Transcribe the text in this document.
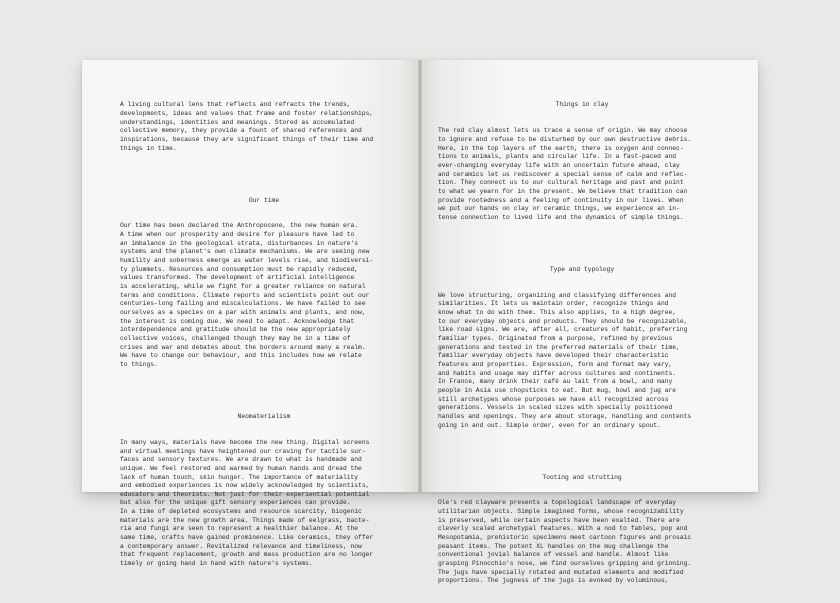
A living cultural lens that reflects and refracts the trends,
developments, ideas and values that frame and foster relationships,
understandings, identities and meanings. Stored as accumulated
collective memory, they provide a fount of shared references and
inspirations, because they are significant things of their time and
things in time.

Our time

Our time has been declared the Anthropocene, the new human era.
A time when our prosperity and desire for pleasure have led to
an imbalance in the geological strata, disturbances in nature's
systems and the planet's own climate mechanisms. We are seeing new
humility and soberness emerge as water levels rise, and biodiversi-
ty plummets. Resources and consumption must be rapidly reduced,
values transformed. The development of artificial intelligence
is accelerating, while we fight for a greater reliance on natural
terms and conditions. Climate reports and scientists point out our
centuries-long failing and miscalculations. We have failed to see
ourselves as a species on a par with animals and plants, and now,
the interest is coming due. We need to adapt. Acknowledge that
interdependence and gratitude should be the new appropriately
collective voices, challenged though they may be in a time of
crises and war and debates about the borders around many a realm.
We have to change our behaviour, and this includes how we relate
to things.

Neomaterialism

In many ways, materials have become the new thing. Digital screens
and virtual meetings have heightened our craving for tactile sur-
faces and sensory textures. We are drawn to what is handmade and
unique. We feel restored and warmed by human hands and dread the
lack of human touch, skin hunger. The importance of materiality
and embodied experiences is now widely acknowledged by scientists,
educators and theorists. Not just for their experiential potential
but also for the unique gift sensory experiences can provide.
In a time of depleted ecosystems and resource scarcity, biogenic
materials are the new growth area. Things made of eelgrass, bacte-
ria and fungi are seen to represent a healthier balance. At the
same time, crafts have gained prominence. Like ceramics, they offer
a contemporary answer. Revitalized relevance and timeliness, now
that frequent replacement, growth and mass production are no longer
timely or going hand in hand with nature's systems.

Things in clay

The red clay almost lets us trace a sense of origin. We may choose
to ignore and refuse to be disturbed by our own destructive debris.
Here, in the top layers of the earth, there is oxygen and connec-
tions to animals, plants and circular life. In a fast-paced and
ever-changing everyday life with an uncertain future ahead, clay
and ceramics let us rediscover a special sense of calm and reflec-
tion. They connect us to our cultural heritage and past and point
to what we yearn for in the present. We believe that tradition can
provide rootedness and a feeling of continuity in our lives. When
we put our hands on clay or ceramic things, we experience an in-
tense connection to lived life and the dynamics of simple things.

Type and typology

We love structuring, organizing and classifying differences and
similarities. It lets us maintain order, recognize things and
know what to do with them. This also applies, to a high degree,
to our everyday objects and products. They should be recognizable,
like road signs. We are, after all, creatures of habit, preferring
familiar types. Originated from a purpose, refined by previous
generations and tested in the preferred materials of their time,
familiar everyday objects have developed their characteristic
features and properties. Expression, form and format may vary,
and habits and usage may differ across cultures and continents.
In France, many drink their café au lait from a bowl, and many
people in Asia use chopsticks to eat. But mug, bowl and jug are
still archetypes whose purposes we have all recognized across
generations. Vessels in scaled sizes with specially positioned
handles and openings. They are about storage, handling and contents
going in and out. Simple order, even for an ordinary spout.

Tooting and strutting

Ole's red clayware presents a topological landscape of everyday
utilitarian objects. Simple imagined forms, whose recognizability
is preserved, while certain aspects have been exalted. There are
cleverly scaled archetypal features. With a nod to fables, pop and
Mesopotamia, prehistoric specimens meet cartoon figures and prosaic
peasant items. The potent XL handles on the mug challenge the
conventional jovial balance of vessel and handle. Almost like
grasping Pinocchio's nose, we find ourselves gripping and grinning.
The jugs have specially rotated and mutated elements and modified
proportions. The jugness of the jugs is evoked by voluminous,
